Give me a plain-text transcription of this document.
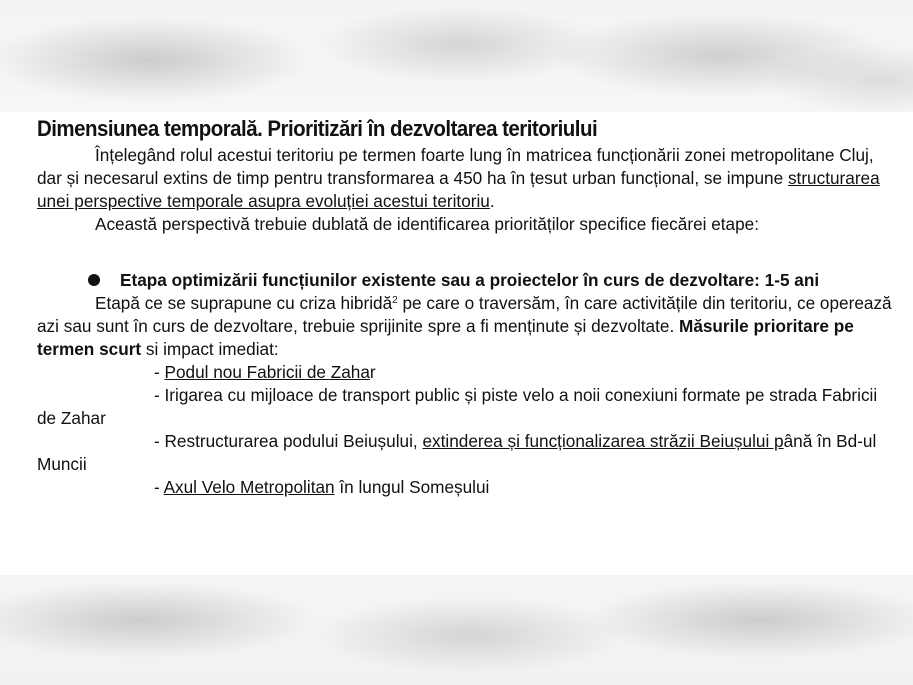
Dimensiunea temporală. Prioritizări în dezvoltarea teritoriului

Înțelegând rolul acestui teritoriu pe termen foarte lung în matricea funcționării zonei metropolitane Cluj, dar și necesarul extins de timp pentru transformarea a 450 ha în țesut urban funcțional, se impune structurarea unei perspective temporale asupra evoluției acestui teritoriu.

Această perspectivă trebuie dublată de identificarea priorităților specifice fiecărei etape:

Etapa optimizării funcțiunilor existente sau a proiectelor în curs de dezvoltare: 1-5 ani

Etapă ce se suprapune cu criza hibridă$^2$ pe care o traversăm, în care activitățile din teritoriu, ce operează azi sau sunt în curs de dezvoltare, trebuie sprijinite spre a fi menținute și dezvoltate. Măsurile prioritare pe termen scurt si impact imediat:

- Podul nou Fabricii de Zahar

- Irigarea cu mijloace de transport public și piste velo a noii conexiuni formate pe strada Fabricii de Zahar

- Restructurarea podului Beiușului, extinderea și funcționalizarea străzii Beiușului până în Bd-ul Muncii

- Axul Velo Metropolitan în lungul Someșului
